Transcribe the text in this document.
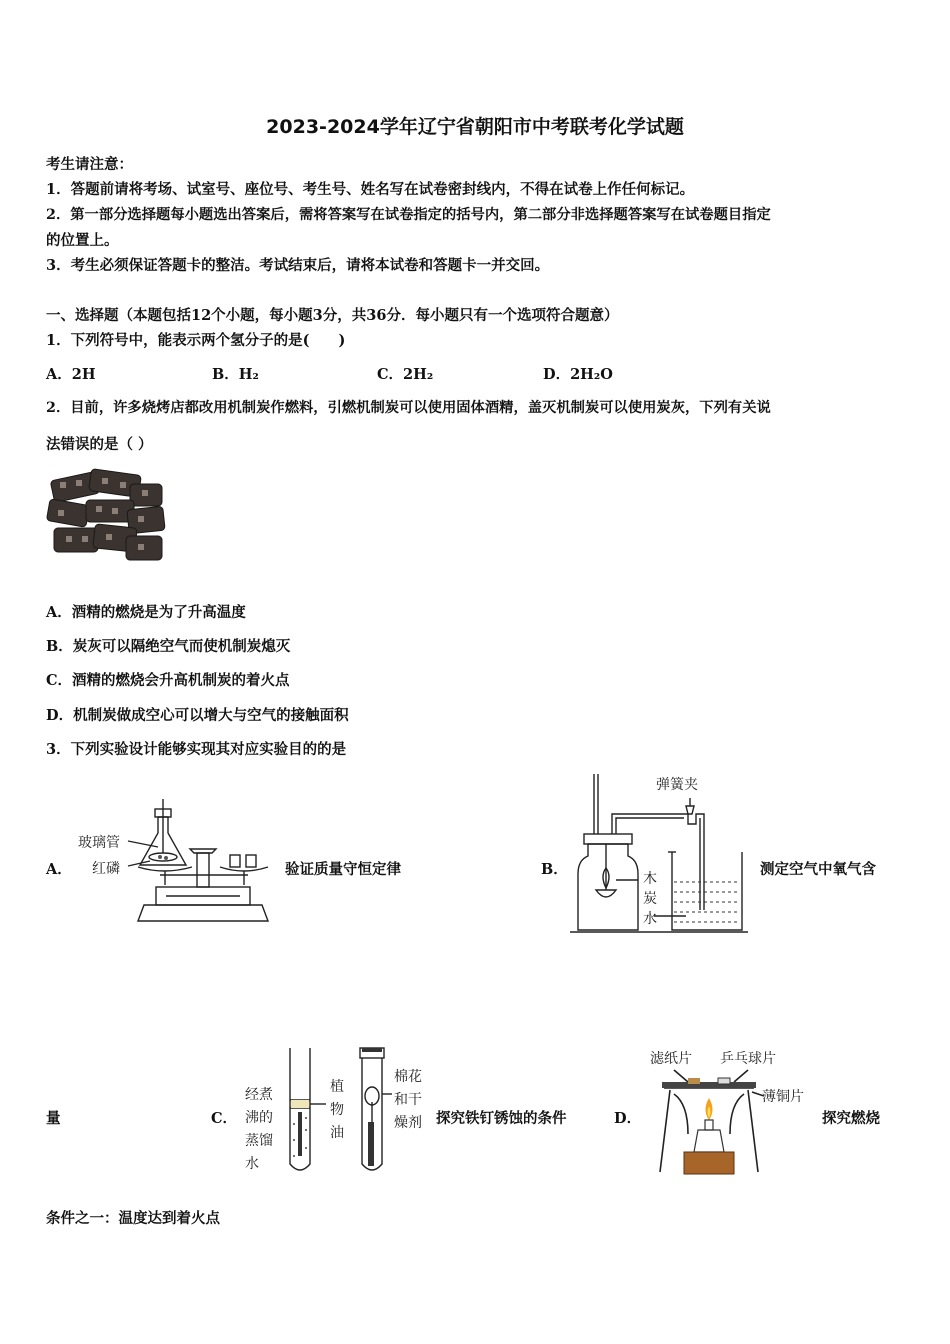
2023-2024学年辽宁省朝阳市中考联考化学试题
考生请注意：
1．答题前请将考场、试室号、座位号、考生号、姓名写在试卷密封线内，不得在试卷上作任何标记。
2．第一部分选择题每小题选出答案后，需将答案写在试卷指定的括号内，第二部分非选择题答案写在试卷题目指定
的位置上。
3．考生必须保证答题卡的整洁。考试结束后，请将本试卷和答题卡一并交回。
一、选择题（本题包括12个小题，每小题3分，共36分．每小题只有一个选项符合题意）
1．下列符号中，能表示两个氢分子的是(　　)
A．2H	B．H₂	C．2H₂	D．2H₂O
2．目前，许多烧烤店都改用机制炭作燃料，引燃机制炭可以使用固体酒精，盖灭机制炭可以使用炭灰，下列有关说
法错误的是（ ）
A．酒精的燃烧是为了升高温度
B．炭灰可以隔绝空气而使机制炭熄灭
C．酒精的燃烧会升高机制炭的着火点
D．机制炭做成空心可以增大与空气的接触面积
3．下列实验设计能够实现其对应实验目的的是
A．
玻璃管
红磷	验证质量守恒定律	B．
弹簧夹
木
炭
水
测定空气中氧气含
量	C．
经煮
沸的
蒸馏
水
植
物
油
棉花
和干
燥剂 探究铁钉锈蚀的条件	D．
滤纸片 乒乓球片
薄铜片
探究燃烧
条件之一：温度达到着火点
